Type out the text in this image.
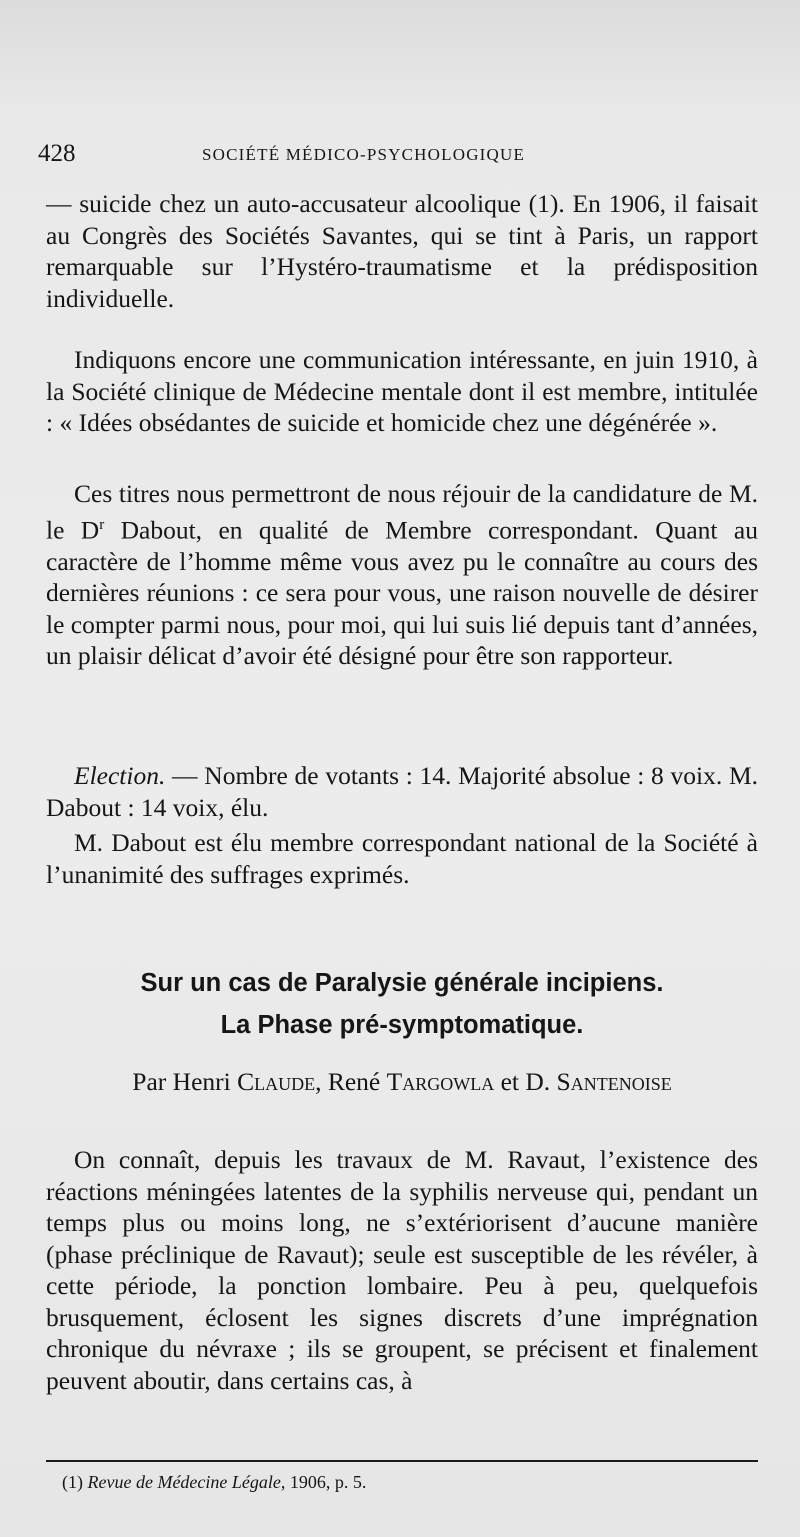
428	SOCIÉTÉ MÉDICO-PSYCHOLOGIQUE

— suicide chez un auto-accusateur alcoolique (1). En 1906, il faisait au Congrès des Sociétés Savantes, qui se tint à Paris, un rapport remarquable sur l’Hystéro-traumatisme et la prédisposition individuelle.

Indiquons encore une communication intéressante, en juin 1910, à la Société clinique de Médecine mentale dont il est membre, intitulée : « Idées obsédantes de suicide et homicide chez une dégénérée ».

Ces titres nous permettront de nous réjouir de la candidature de M. le $D^r$ Dabout, en qualité de Membre correspondant. Quant au caractère de l’homme même vous avez pu le connaître au cours des dernières réunions : ce sera pour vous, une raison nouvelle de désirer le compter parmi nous, pour moi, qui lui suis lié depuis tant d’années, un plaisir délicat d’avoir été désigné pour être son rapporteur.

Election. — Nombre de votants : 14. Majorité absolue : 8 voix. M. Dabout : 14 voix, élu.

M. Dabout est élu membre correspondant national de la Société à l’unanimité des suffrages exprimés.

Sur un cas de Paralysie générale incipiens.
La Phase pré-symptomatique.

Par Henri Claude, René Targowla et D. Santenoise

On connaît, depuis les travaux de M. Ravaut, l’existence des réactions méningées latentes de la syphilis nerveuse qui, pendant un temps plus ou moins long, ne s’extériorisent d’aucune manière (phase préclinique de Ravaut); seule est susceptible de les révéler, à cette période, la ponction lombaire. Peu à peu, quelquefois brusquement, éclosent les signes discrets d’une imprégnation chronique du névraxe ; ils se groupent, se précisent et finalement peuvent aboutir, dans certains cas, à

(1) Revue de Médecine Légale, 1906, p. 5.
